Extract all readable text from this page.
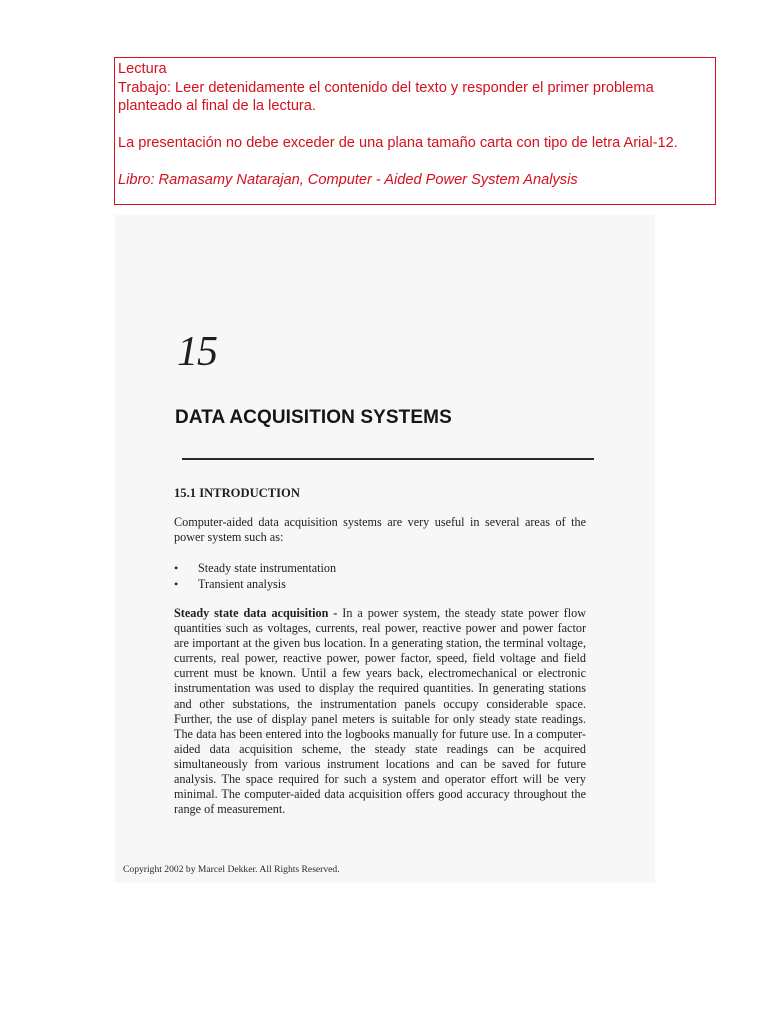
Lectura

Trabajo: Leer detenidamente el contenido del texto y responder el primer problema planteado al final de la lectura.

La presentación no debe exceder de una plana tamaño carta con tipo de letra Arial-12.

Libro: Ramasamy Natarajan, Computer - Aided Power System Analysis

15
DATA ACQUISITION SYSTEMS
15.1 INTRODUCTION

Computer-aided data acquisition systems are very useful in several areas of the power system such as:

• Steady state instrumentation
• Transient analysis

Steady state data acquisition - In a power system, the steady state power flow quantities such as voltages, currents, real power, reactive power and power factor are important at the given bus location. In a generating station, the terminal voltage, currents, real power, reactive power, power factor, speed, field voltage and field current must be known. Until a few years back, electromechanical or electronic instrumentation was used to display the required quantities. In generating stations and other substations, the instrumentation panels occupy considerable space. Further, the use of display panel meters is suitable for only steady state readings. The data has been entered into the logbooks manually for future use. In a computer-aided data acquisition scheme, the steady state readings can be acquired simultaneously from various instrument locations and can be saved for future analysis. The space required for such a system and operator effort will be very minimal. The computer-aided data acquisition offers good accuracy throughout the range of measurement.

Copyright 2002 by Marcel Dekker. All Rights Reserved.
